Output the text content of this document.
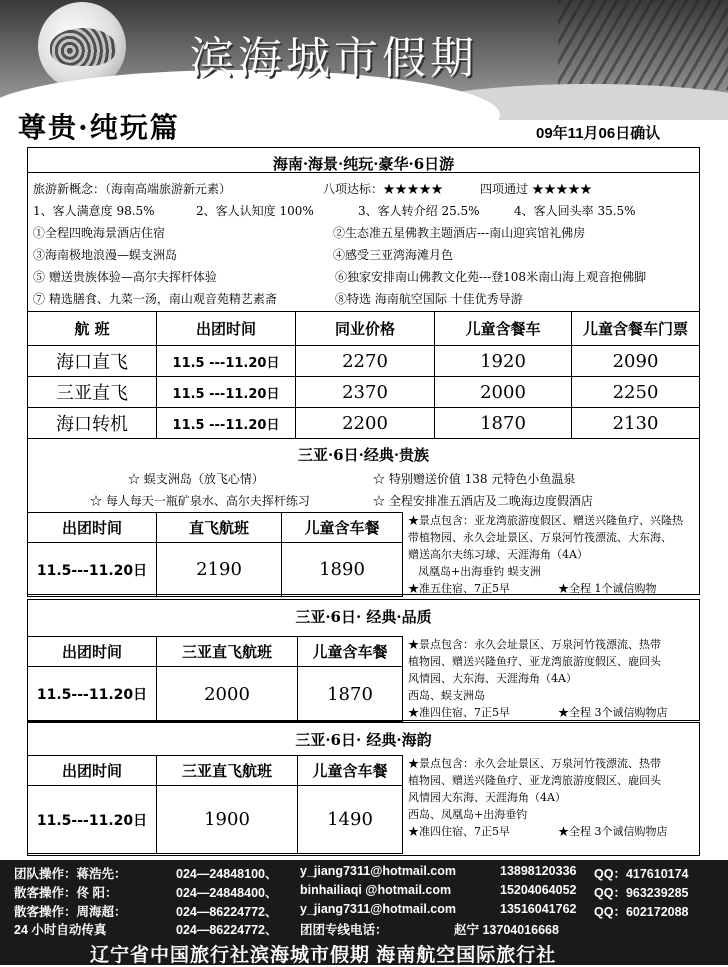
滨海城市假期
尊贵·纯玩篇	09年11月06日确认
海南·海景·纯玩·豪华·6日游
旅游新概念：（海南高端旅游新元素）	八项达标：★★★★★	四项通过 ★★★★★
1、客人满意度 98.5%	2、客人认知度 100%	3、客人转介绍 25.5%	4、客人回头率 35.5%
①全程四晚海景酒店住宿	②生态准五星佛教主题酒店---南山迎宾馆礼佛房
③海南极地浪漫—蜈支洲岛	④感受三亚湾海滩月色
⑤ 赠送贵族体验—高尔夫挥杆体验	⑥独家安排南山佛教文化苑---登108米南山海上观音抱佛脚
⑦ 精选膳食、九菜一汤，南山观音苑精艺素斋	⑧特选 海南航空国际 十佳优秀导游
航 班	出团时间	同业价格	儿童含餐车	儿童含餐车门票
海口直飞	11.5 ---11.20日	2270	1920	2090
三亚直飞	11.5 ---11.20日	2370	2000	2250
海口转机	11.5 ---11.20日	2200	1870	2130
三亚·6日·经典·贵族
☆ 蜈支洲岛（放飞心情）	☆ 特别赠送价值 138 元特色小鱼温泉
☆ 每人每天一瓶矿泉水、高尔夫挥杆练习	☆ 全程安排准五酒店及二晚海边度假酒店
出团时间	直飞航班	儿童含车餐
11.5---11.20日	2190	1890
★景点包含：亚龙湾旅游度假区、赠送兴隆鱼疗、兴隆热
带植物园、永久会址景区、万泉河竹筏漂流、大东海、
赠送高尔夫练习球、天涯海角（4A）
凤凰岛+出海垂钓 蜈支洲
★准五住宿、7正5早	★全程 1个诚信购物
三亚·6日· 经典·品质
出团时间	三亚直飞航班	儿童含车餐
11.5---11.20日	2000	1870
★景点包含：永久会址景区、万泉河竹筏漂流、热带
植物园、赠送兴隆鱼疗、亚龙湾旅游度假区、鹿回头
风情园、大东海、天涯海角（4A）
西岛、蜈支洲岛
★准四住宿、7正5早	★全程 3个诚信购物店
三亚·6日· 经典·海韵
出团时间	三亚直飞航班	儿童含车餐
11.5---11.20日	1900	1490
★景点包含：永久会址景区、万泉河竹筏漂流、热带
植物园、赠送兴隆鱼疗、亚龙湾旅游度假区、鹿回头
风情园大东海、天涯海角（4A）
西岛、凤凰岛+出海垂钓
★准四住宿、7正5早	★全程 3个诚信购物店
团队操作：蒋浩先：	024—24848100、 y_jiang7311@hotmail.com	13898120336 QQ：417610174
散客操作：佟 阳：	024—24848400、 binhailiaqi @hotmail.com	15204064052 QQ：963239285
散客操作：周海超：	024—86224772、 y_jiang7311@hotmail.com	13516041762 QQ：602172088
24 小时自动传真	024—86224772、 团团专线电话：	赵宁 13704016668
辽宁省中国旅行社滨海城市假期 海南航空国际旅行社
